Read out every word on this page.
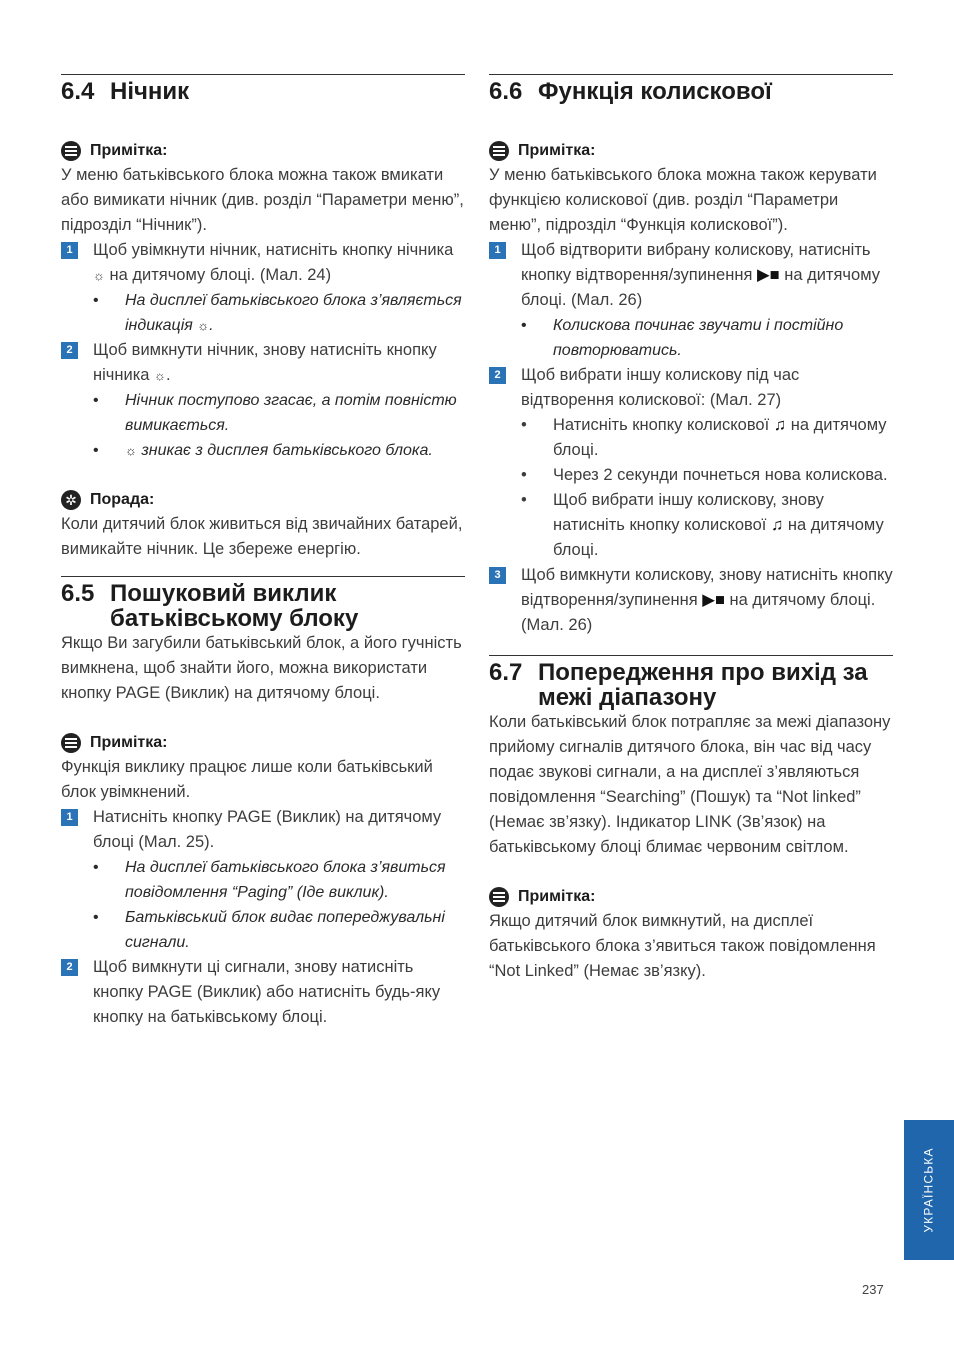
6.4 Нічник
Примітка:

У меню батьківського блока можна також вмикати або вимикати нічник (див. розділ “Параметри меню”, підрозділ “Нічник”).

1	Щоб увімкнути нічник, натисніть кнопку нічника ☼ на дитячому блоці. (Мал. 24)
•	На дисплеї батьківського блока з’являється індикація ☼.
2	Щоб вимкнути нічник, знову натисніть кнопку нічника ☼.
•	Нічник поступово згасає, а потім повністю вимикається.
•	☼ зникає з дисплея батьківського блока.
✲ Порада:

Коли дитячий блок живиться від звичайних батарей, вимикайте нічник. Це збереже енергію.

6.5 Пошуковий виклик батьківському блоку

Якщо Ви загубили батьківський блок, а його гучність вимкнена, щоб знайти його, можна використати кнопку PAGE (Виклик) на дитячому блоці.

Примітка:

Функція виклику працює лише коли батьківський блок увімкнений.

1	Натисніть кнопку PAGE (Виклик) на дитячому блоці (Мал. 25).
•	На дисплеї батьківського блока з’явиться повідомлення “Paging” (Іде виклик).
•	Батьківський блок видає попереджувальні сигнали.
2	Щоб вимкнути ці сигнали, знову натисніть кнопку PAGE (Виклик) або натисніть будь-яку кнопку на батьківському блоці.
6.6 Функція колискової
Примітка:

У меню батьківського блока можна також керувати функцією колискової (див. розділ “Параметри меню”, підрозділ “Функція колискової”).

1	Щоб відтворити вибрану колискову, натисніть кнопку відтворення/зупинення ▶■ на дитячому блоці. (Мал. 26)
•	Колискова починає звучати і постійно повторюватись.
2	Щоб вибрати іншу колискову під час відтворення колискової: (Мал. 27)
•	Натисніть кнопку колискової ♫ на дитячому блоці.
•	Через 2 секунди почнеться нова колискова.
•	Щоб вибрати іншу колискову, знову натисніть кнопку колискової ♫ на дитячому блоці.
3	Щоб вимкнути колискову, знову натисніть кнопку відтворення/зупинення ▶■ на дитячому блоці. (Мал. 26)
6.7 Попередження про вихід за межі діапазону

Коли батьківський блок потрапляє за межі діапазону прийому сигналів дитячого блока, він час від часу подає звукові сигнали, а на дисплеї з’являються повідомлення “Searching” (Пошук) та “Not linked” (Немає зв’язку). Індикатор LINK (Зв’язок) на батьківському блоці блимає червоним світлом.

Примітка:

Якщо дитячий блок вимкнутий, на дисплеї батьківського блока з’явиться також повідомлення “Not Linked” (Немає зв’язку).

УКРАЇНСЬКА
237
